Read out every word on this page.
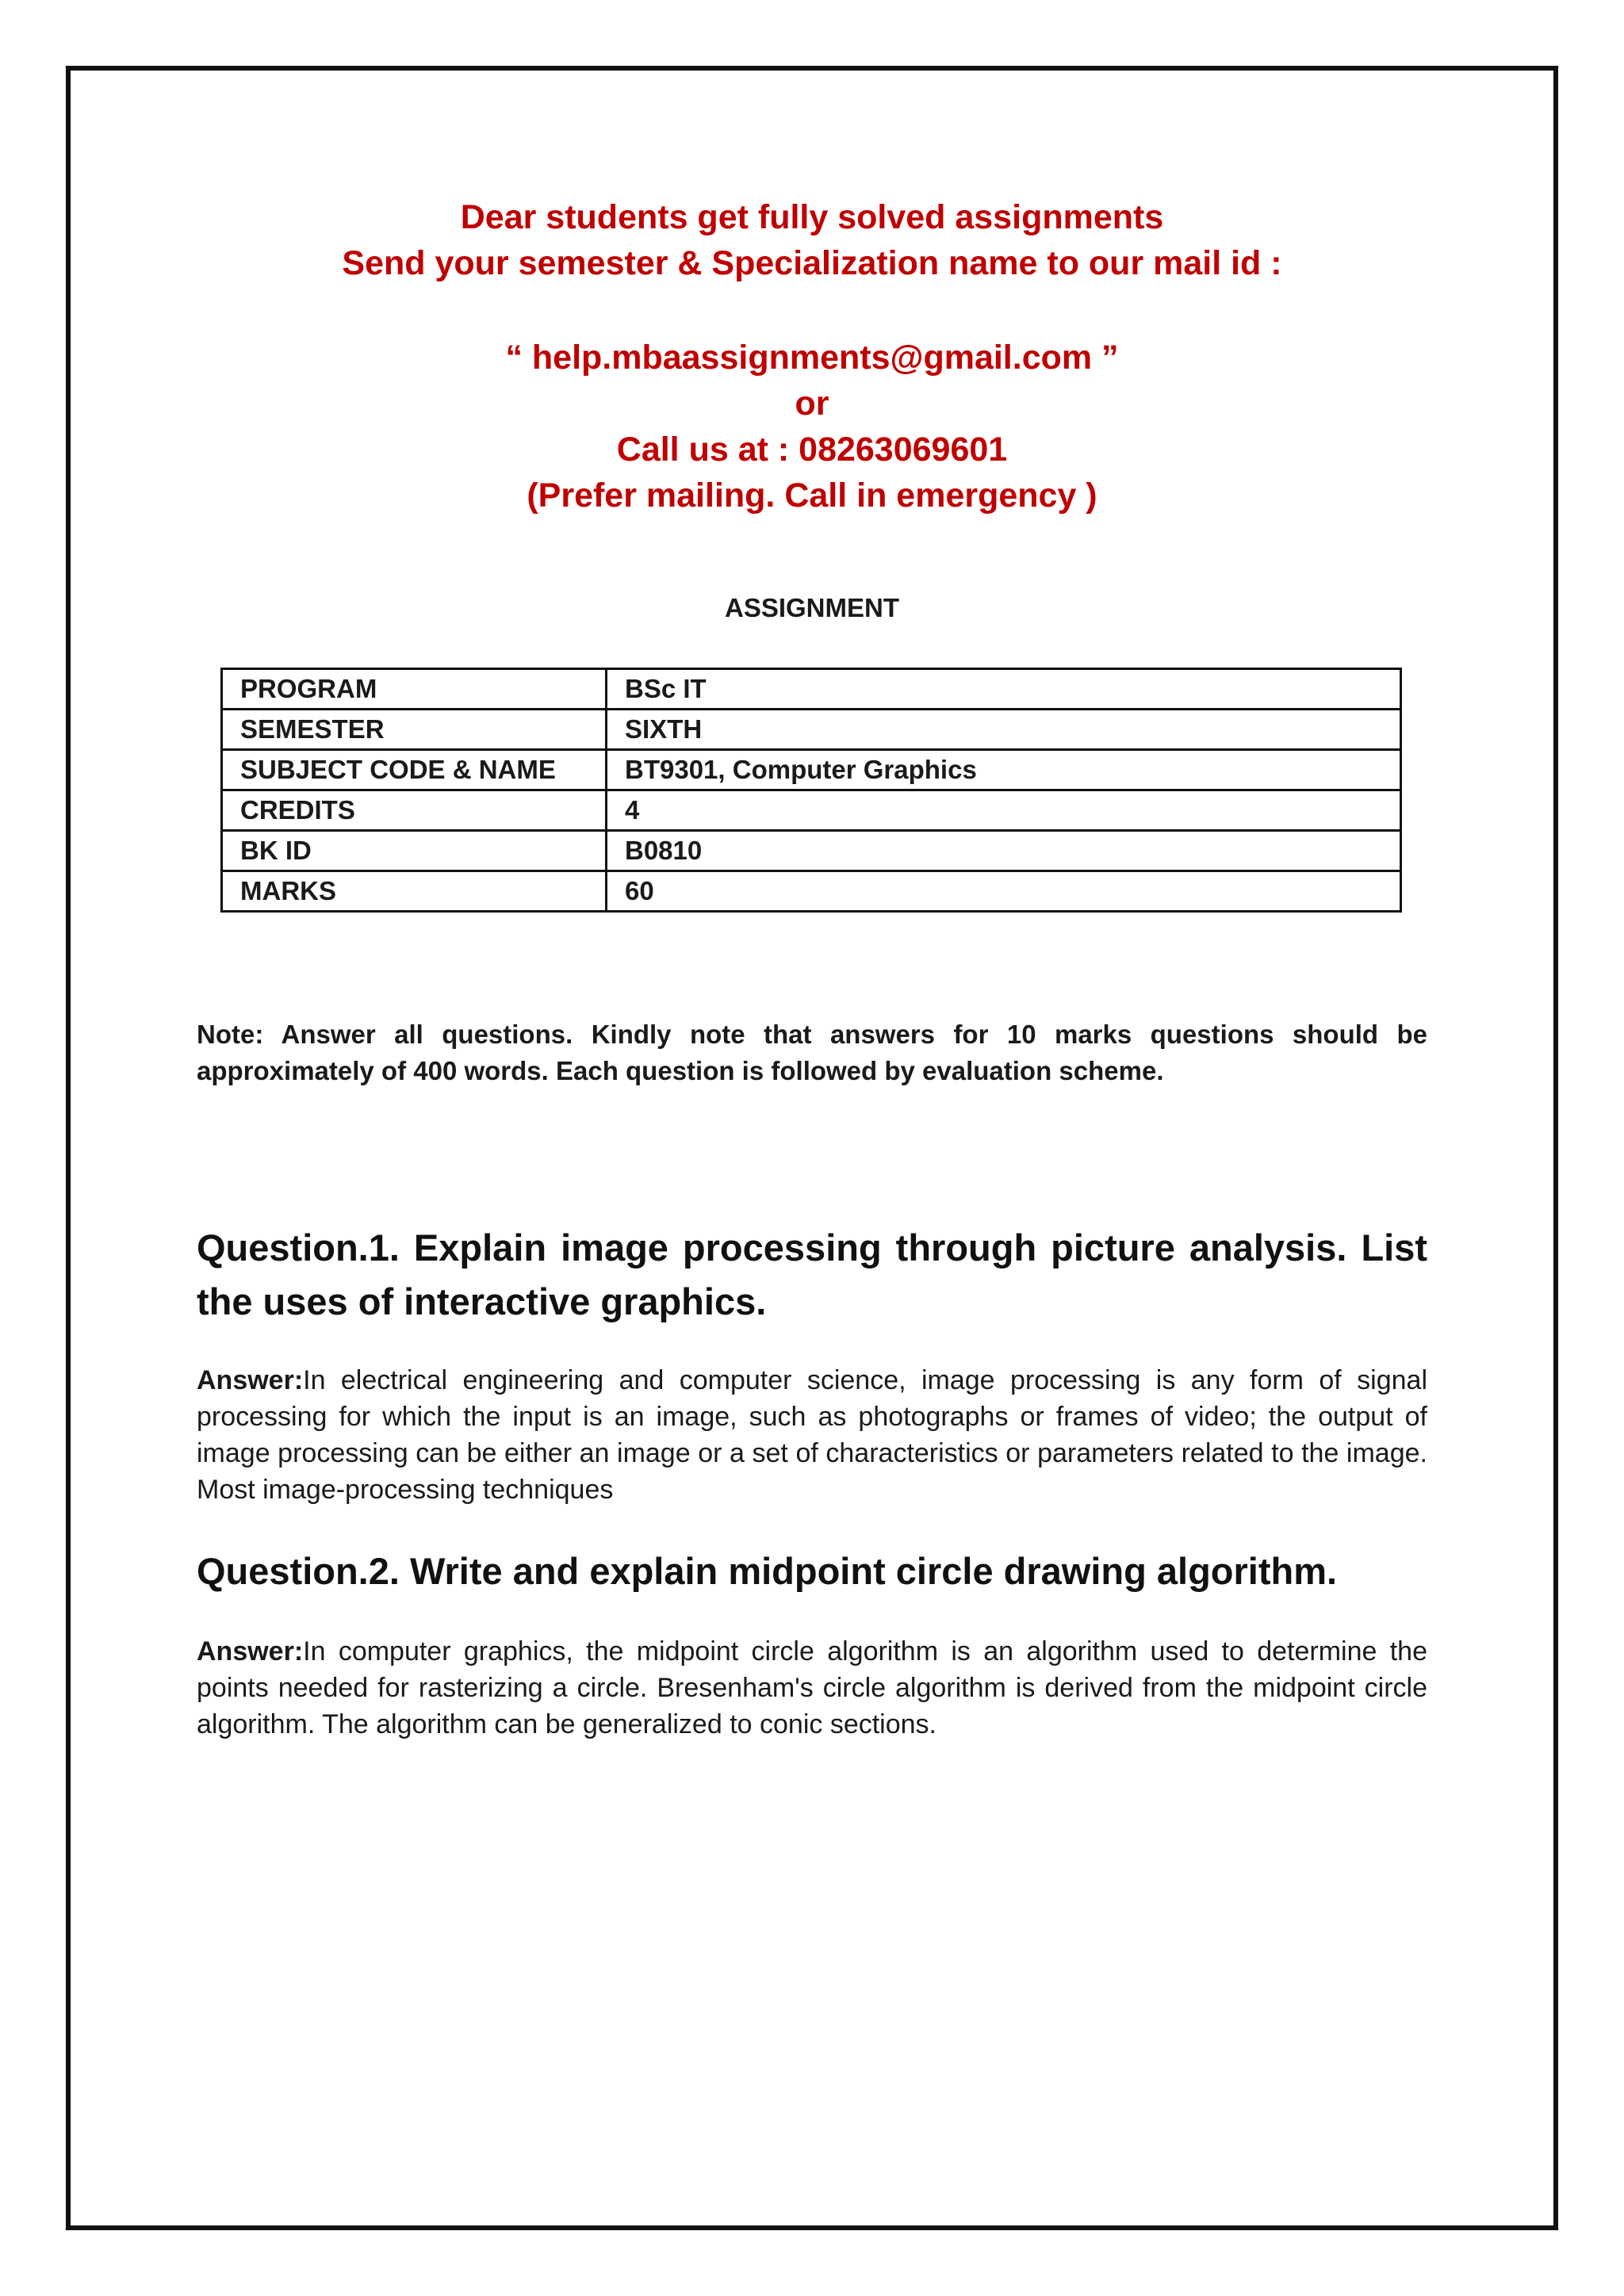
Dear students get fully solved assignments
Send your semester & Specialization name to our mail id :
“ help.mbaassignments@gmail.com ”
or
Call us at : 08263069601
(Prefer mailing. Call in emergency )
ASSIGNMENT
PROGRAM	BSc IT
SEMESTER	SIXTH
SUBJECT CODE & NAME	BT9301, Computer Graphics
CREDITS	4
BK ID	B0810
MARKS	60
Note: Answer all questions. Kindly note that answers for 10 marks questions should be approximately of 400 words. Each question is followed by evaluation scheme.
Question.1. Explain image processing through picture analysis. List the uses of interactive graphics.
Answer:In electrical engineering and computer science, image processing is any form of signal processing for which the input is an image, such as photographs or frames of video; the output of image processing can be either an image or a set of characteristics or parameters related to the image. Most image-processing techniques
Question.2. Write and explain midpoint circle drawing algorithm.
Answer:In computer graphics, the midpoint circle algorithm is an algorithm used to determine the points needed for rasterizing a circle. Bresenham's circle algorithm is derived from the midpoint circle algorithm. The algorithm can be generalized to conic sections.
